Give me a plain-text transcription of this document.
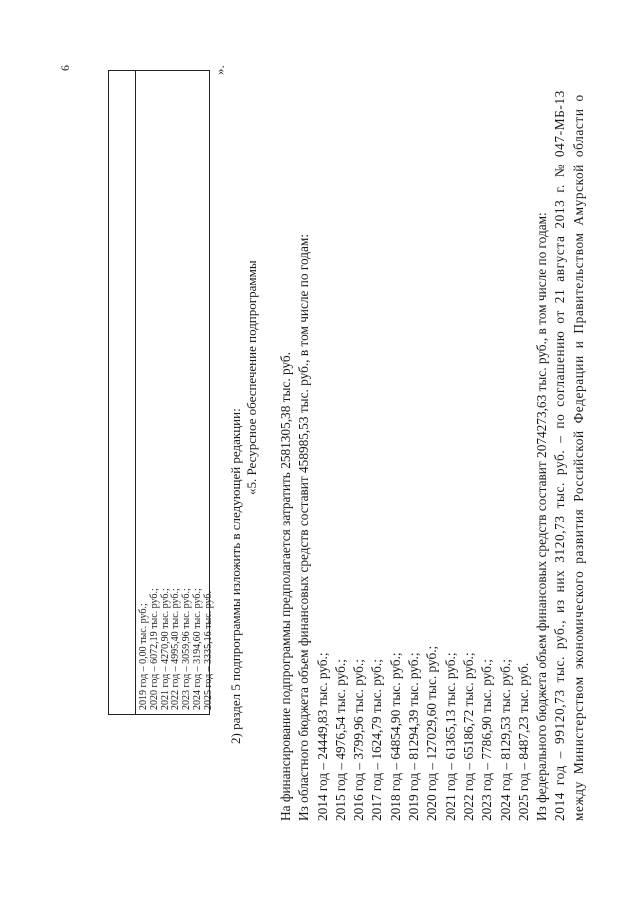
6
2019 год – 0,00 тыс. руб.; 2020 год – 6072,19 тыс. руб.; 2021 год – 4270,90 тыс. руб.; 2022 год – 4995,40 тыс. руб.; 2023 год – 3059,96 тыс. руб.; 2024 год – 3194,60 тыс. руб.; 2025 год – 3335,16 тыс. руб.
».
2) раздел 5 подпрограммы изложить в следующей редакции:
«5. Ресурсное обеспечение подпрограммы На финансирование подпрограммы предполагается затратить 2581305,38 тыс. руб. Из областного бюджета объем финансовых средств составит 458985,53 тыс. руб., в том числе по годам: 2014 год – 24449,83 тыс. руб.; 2015 год – 4976,54 тыс. руб.; 2016 год – 3799,96 тыс. руб.; 2017 год – 1624,79 тыс. руб.; 2018 год – 64854,90 тыс. руб.; 2019 год – 81294,39 тыс. руб.; 2020 год – 127029,60 тыс. руб.; 2021 год – 61365,13 тыс. руб.; 2022 год – 65186,72 тыс. руб.; 2023 год – 7786,90 тыс. руб.; 2024 год – 8129,53 тыс. руб.; 2025 год – 8487,23 тыс. руб. Из федерального бюджета объем финансовых средств составит 2074273,63 тыс. руб., в том числе по годам: 2014 год – 99120,73 тыс. руб., из них 3120,73 тыс. руб. – по соглашению от 21 августа 2013 г. № 047-МБ-13 между Министерством экономического развития Российской Федерации и Правительством Амурской области о
